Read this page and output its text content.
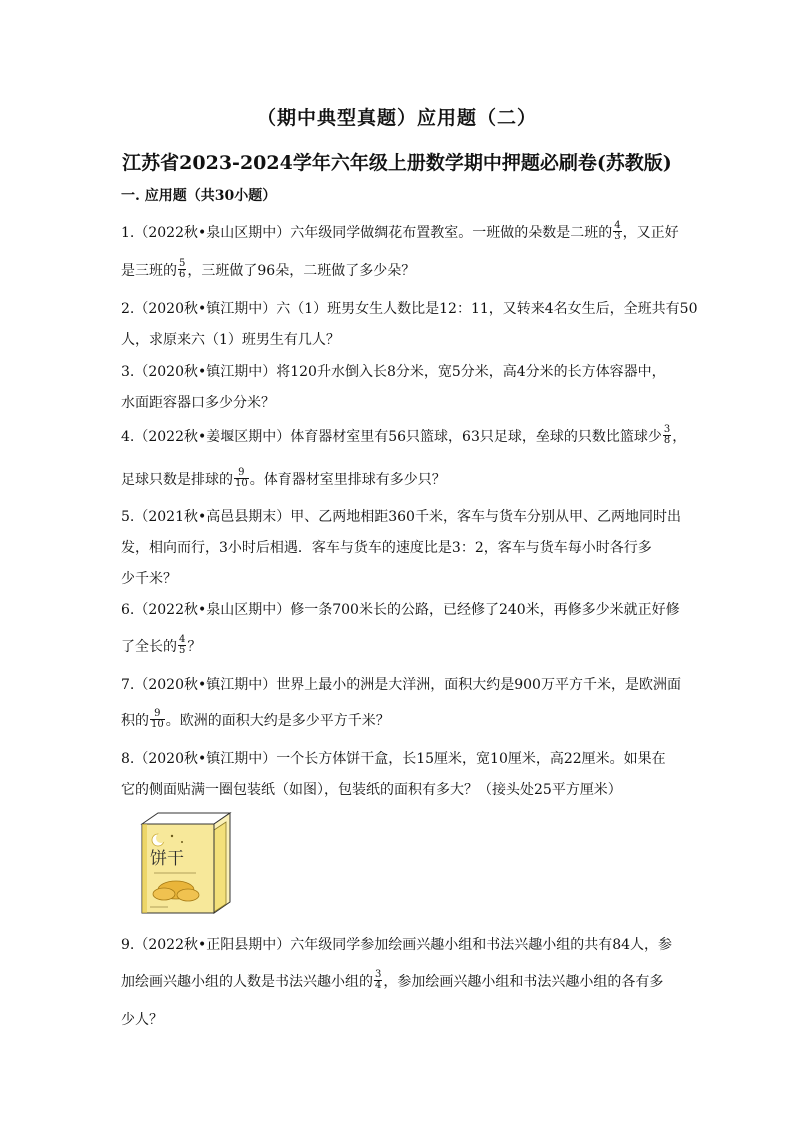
（期中典型真题）应用题（二）
江苏省2023-2024学年六年级上册数学期中押题必刷卷(苏教版)
一. 应用题（共30小题）
1.（2022秋•泉山区期中）六年级同学做绸花布置教室。一班做的朵数是二班的 $\frac{4}{3}$ ，又正好
是三班的 $\frac{5}{6}$ ，三班做了96朵，二班做了多少朵？
2.（2020秋•镇江期中）六（1）班男女生人数比是12：11，又转来4名女生后，全班共有50
人，求原来六（1）班男生有几人？
3.（2020秋•镇江期中）将120升水倒入长8分米，宽5分米，高4分米的长方体容器中，
水面距容器口多少分米？
4.（2022秋•姜堰区期中）体育器材室里有56只篮球，63只足球，垒球的只数比篮球少 $\frac{3}{8}$ ，
足球只数是排球的 $\frac{9}{10}$ 。体育器材室里排球有多少只？
5.（2021秋•高邑县期末）甲、乙两地相距360千米，客车与货车分别从甲、乙两地同时出
发，相向而行，3小时后相遇．客车与货车的速度比是3：2，客车与货车每小时各行多
少千米？
6.（2022秋•泉山区期中）修一条700米长的公路，已经修了240米，再修多少米就正好修
了全长的 $\frac{4}{5}$ ？
7.（2020秋•镇江期中）世界上最小的洲是大洋洲，面积大约是900万平方千米，是欧洲面
积的 $\frac{9}{10}$ 。欧洲的面积大约是多少平方千米？
8.（2020秋•镇江期中）一个长方体饼干盒，长15厘米，宽10厘米，高22厘米。如果在
它的侧面贴满一圈包装纸（如图），包装纸的面积有多大？（接头处25平方厘米）
饼干
9.（2022秋•正阳县期中）六年级同学参加绘画兴趣小组和书法兴趣小组的共有84人，参
加绘画兴趣小组的人数是书法兴趣小组的 $\frac{3}{4}$ ，参加绘画兴趣小组和书法兴趣小组的各有多
少人？
